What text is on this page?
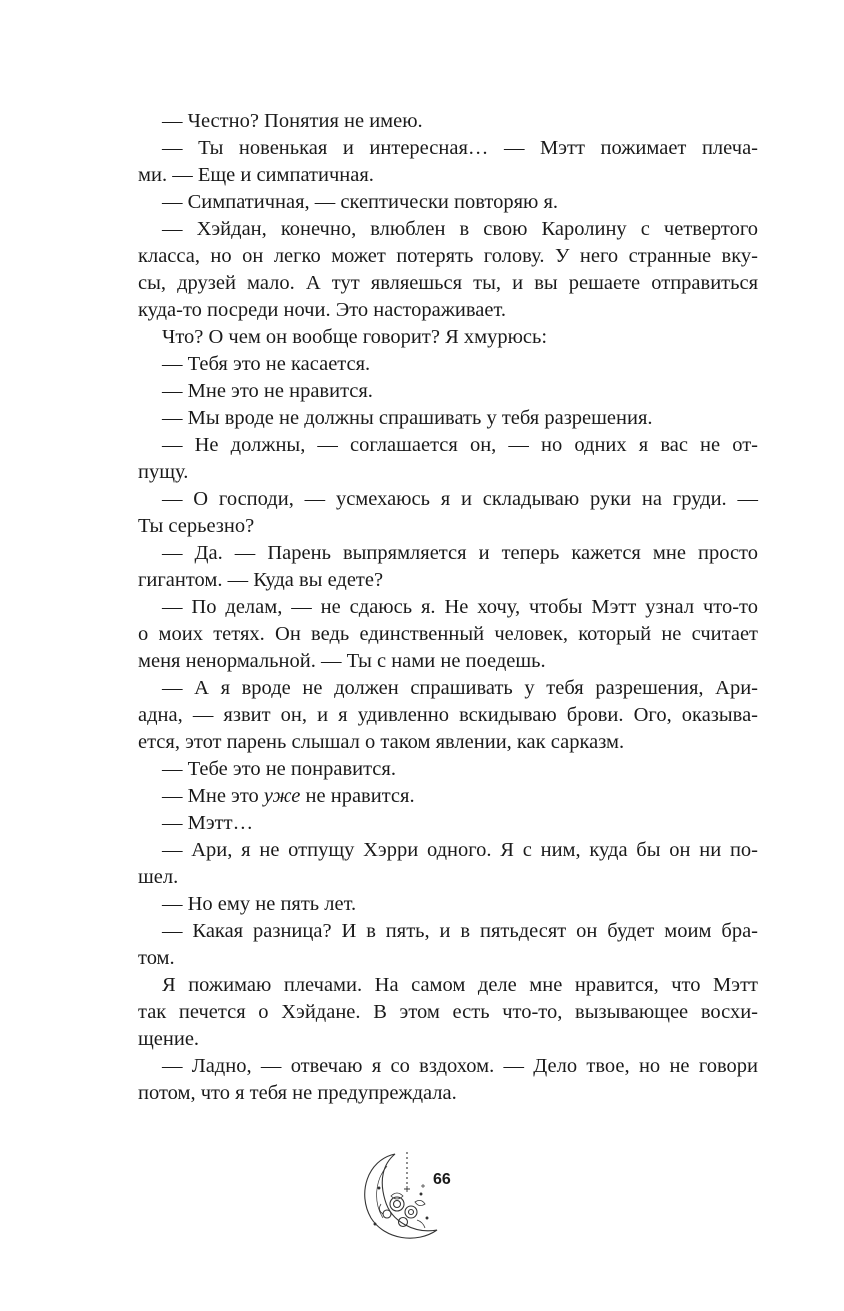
— Честно? Понятия не имею.
— Ты новенькая и интересная… — Мэтт пожимает плеча-
ми. — Еще и симпатичная.
— Симпатичная, — скептически повторяю я.
— Хэйдан, конечно, влюблен в свою Каролину с четвертого
класса, но он легко может потерять голову. У него странные вку-
сы, друзей мало. А тут являешься ты, и вы решаете отправиться
куда-то посреди ночи. Это настораживает.
Что? О чем он вообще говорит? Я хмурюсь:
— Тебя это не касается.
— Мне это не нравится.
— Мы вроде не должны спрашивать у тебя разрешения.
— Не должны, — соглашается он, — но одних я вас не от-
пущу.
— О господи, — усмехаюсь я и складываю руки на груди. —
Ты серьезно?
— Да. — Парень выпрямляется и теперь кажется мне просто
гигантом. — Куда вы едете?
— По делам, — не сдаюсь я. Не хочу, чтобы Мэтт узнал что-то
о моих тетях. Он ведь единственный человек, который не считает
меня ненормальной. — Ты с нами не поедешь.
— А я вроде не должен спрашивать у тебя разрешения, Ари-
адна, — язвит он, и я удивленно вскидываю брови. Ого, оказыва-
ется, этот парень слышал о таком явлении, как сарказм.
— Тебе это не понравится.
— Мне это уже не нравится.
— Мэтт…
— Ари, я не отпущу Хэрри одного. Я с ним, куда бы он ни по-
шел.
— Но ему не пять лет.
— Какая разница? И в пять, и в пятьдесят он будет моим бра-
том.
Я пожимаю плечами. На самом деле мне нравится, что Мэтт
так печется о Хэйдане. В этом есть что-то, вызывающее восхи-
щение.
— Ладно, — отвечаю я со вздохом. — Дело твое, но не говори
потом, что я тебя не предупреждала.
66
